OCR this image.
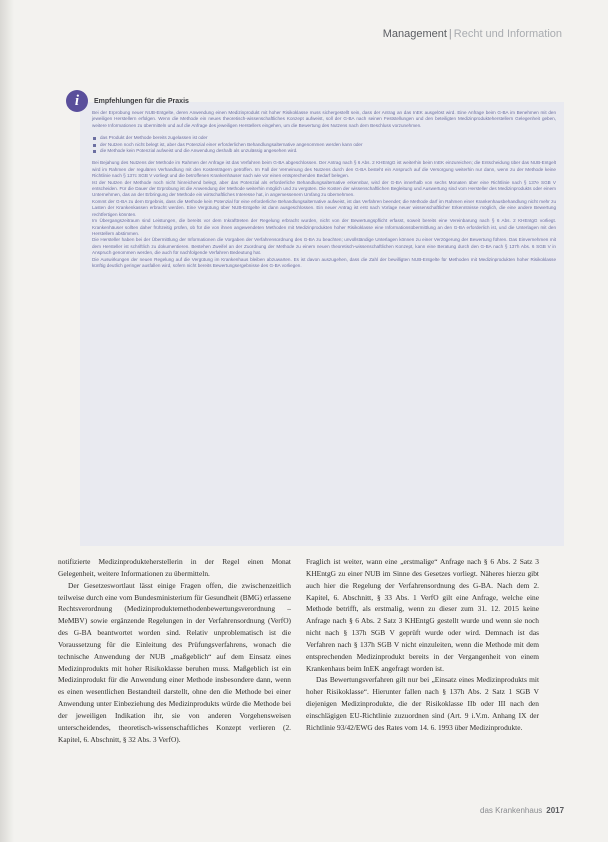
Management | Recht und Information
i	Empfehlungen für die Praxis

Bei der Erprobung neuer NUB-Entgelte, deren Anwendung einen Medizinprodukt mit hoher Risikoklasse muss sichergestellt sein, dass der Antrag an das InEK ausgelöst wird. Eine Anfrage beim G-BA im Benehmen mit den jeweiligen Herstellern erfolgen. Wenn die Methode ein neues theoretisch-wissenschaftliches Konzept aufweist, soll der G-BA nach seinen Feststellungen und den beteiligten Medizinprodukteherstellern Gelegenheit geben, weitere Informationen zu übermitteln und auf die Anfrage des jeweiligen Herstellers eingehen, um die Bewertung des Nutzens nach dem Beschluss vorzunehmen.

das Produkt der Methode bereits zugelassen ist oder
der Nutzen noch nicht belegt ist, aber das Potenzial einer erforderlichen Behandlungsalternative angenommen werden kann oder
die Methode kein Potenzial aufweist und die Anwendung deshalb als unzulässig angesehen wird.

Bei Bejahung des Nutzens der Methode im Rahmen der Anfrage ist das Verfahren beim G-BA abgeschlossen. Der Antrag nach § 6 Abs. 2 KHEntgG ist weiterhin beim InEK einzureichen; die Entscheidung über das NUB-Entgelt wird im Rahmen der regulären Verhandlung mit den Kostenträgern getroffen. Im Fall der Verneinung des Nutzens durch den G-BA besteht ein Anspruch auf die Versorgung weiterhin nur dann, wenn zu der Methode keine Richtlinie nach § 137c SGB V vorliegt und die betroffenen Krankenhäuser nach wie vor einen entsprechenden Bedarf belegen.

Ist der Nutzen der Methode noch nicht hinreichend belegt, aber das Potenzial als erforderliche Behandlungsalternative erkennbar, wird der G-BA innerhalb von sechs Monaten über eine Richtlinie nach § 137e SGB V entscheiden. Für die Dauer der Erprobung ist die Anwendung der Methode weiterhin möglich und zu vergüten. Die Kosten der wissenschaftlichen Begleitung und Auswertung sind vom Hersteller des Medizinprodukts oder einem Unternehmen, das an der Erbringung der Methode ein wirtschaftliches Interesse hat, in angemessenem Umfang zu übernehmen.

Kommt der G-BA zu dem Ergebnis, dass die Methode kein Potenzial für eine erforderliche Behandlungsalternative aufweist, ist das Verfahren beendet; die Methode darf im Rahmen einer Krankenhausbehandlung nicht mehr zu Lasten der Krankenkassen erbracht werden. Eine Vergütung über NUB-Entgelte ist dann ausgeschlossen. Ein neuer Antrag ist erst nach Vorlage neuer wissenschaftlicher Erkenntnisse möglich, die eine andere Bewertung rechtfertigen könnten.

Im Übergangszeitraum sind Leistungen, die bereits vor dem Inkrafttreten der Regelung erbracht wurden, nicht von der Bewertungspflicht erfasst, soweit bereits eine Vereinbarung nach § 6 Abs. 2 KHEntgG vorliegt. Krankenhäuser sollten daher frühzeitig prüfen, ob für die von ihnen angewendeten Methoden mit Medizinprodukten hoher Risikoklasse eine Informationsübermittlung an den G-BA erforderlich ist, und die Unterlagen mit den Herstellern abstimmen.

Die Hersteller haben bei der Übermittlung der Informationen die Vorgaben der Verfahrensordnung des G-BA zu beachten; unvollständige Unterlagen können zu einer Verzögerung der Bewertung führen. Das Einvernehmen mit dem Hersteller ist schriftlich zu dokumentieren. Bestehen Zweifel an der Zuordnung der Methode zu einem neuen theoretisch-wissenschaftlichen Konzept, kann eine Beratung durch den G-BA nach § 137h Abs. 6 SGB V in Anspruch genommen werden, die auch für nachfolgende Verfahren Bedeutung hat.

Die Auswirkungen der neuen Regelung auf die Vergütung im Krankenhaus bleiben abzuwarten. Es ist davon auszugehen, dass die Zahl der bewilligten NUB-Entgelte für Methoden mit Medizinprodukten hoher Risikoklasse künftig deutlich geringer ausfallen wird, sofern nicht bereits Bewertungsergebnisse des G-BA vorliegen.

notifizierte Medizinprodukteherstellerin in der Regel einen Monat Gelegenheit, weitere Informationen zu übermitteln.

Der Gesetzeswortlaut lässt einige Fragen offen, die zwischenzeitlich teilweise durch eine vom Bundesministerium für Gesundheit (BMG) erlassene Rechtsverordnung (Medizinproduktemethodenbewertungsverordnung – MeMBV) sowie ergänzende Regelungen in der Verfahrensordnung (VerfO) des G-BA beantwortet worden sind. Relativ unproblematisch ist die Voraussetzung für die Einleitung des Prüfungsverfahrens, wonach die technische Anwendung der NUB „maßgeblich“ auf dem Einsatz eines Medizinprodukts mit hoher Risikoklasse beruhen muss. Maßgeblich ist ein Medizinprodukt für die Anwendung einer Methode insbesondere dann, wenn es einen wesentlichen Bestandteil darstellt, ohne den die Methode bei einer Anwendung unter Einbeziehung des Medizinprodukts würde die Methode bei der jeweiligen Indikation ihr, sie von anderen Vorgehensweisen unterscheidendes, theoretisch-wissenschaftliches Konzept verlieren (2. Kapitel, 6. Abschnitt, § 32 Abs. 3 VerfO).

Fraglich ist weiter, wann eine „erstmalige“ Anfrage nach § 6 Abs. 2 Satz 3 KHEntgG zu einer NUB im Sinne des Gesetzes vorliegt. Näheres hierzu gibt auch hier die Regelung der Verfahrensordnung des G-BA. Nach dem 2. Kapitel, 6. Abschnitt, § 33 Abs. 1 VerfO gilt eine Anfrage, welche eine Methode betrifft, als erstmalig, wenn zu dieser zum 31. 12. 2015 keine Anfrage nach § 6 Abs. 2 Satz 3 KHEntgG gestellt wurde und wenn sie noch nicht nach § 137h SGB V geprüft wurde oder wird. Demnach ist das Verfahren nach § 137h SGB V nicht einzuleiten, wenn die Methode mit dem entsprechenden Medizinprodukt bereits in der Vergangenheit von einem Krankenhaus beim InEK angefragt worden ist.

Das Bewertungsverfahren gilt nur bei „Einsatz eines Medizinprodukts mit hoher Risikoklasse“. Hierunter fallen nach § 137h Abs. 2 Satz 1 SGB V diejenigen Medizinprodukte, die der Risikoklasse IIb oder III nach den einschlägigen EU-Richtlinie zuzuordnen sind (Art. 9 i.V.m. Anhang IX der Richtlinie 93/42/EWG des Rates vom 14. 6. 1993 über Medizinprodukte.

das Krankenhaus 2017
